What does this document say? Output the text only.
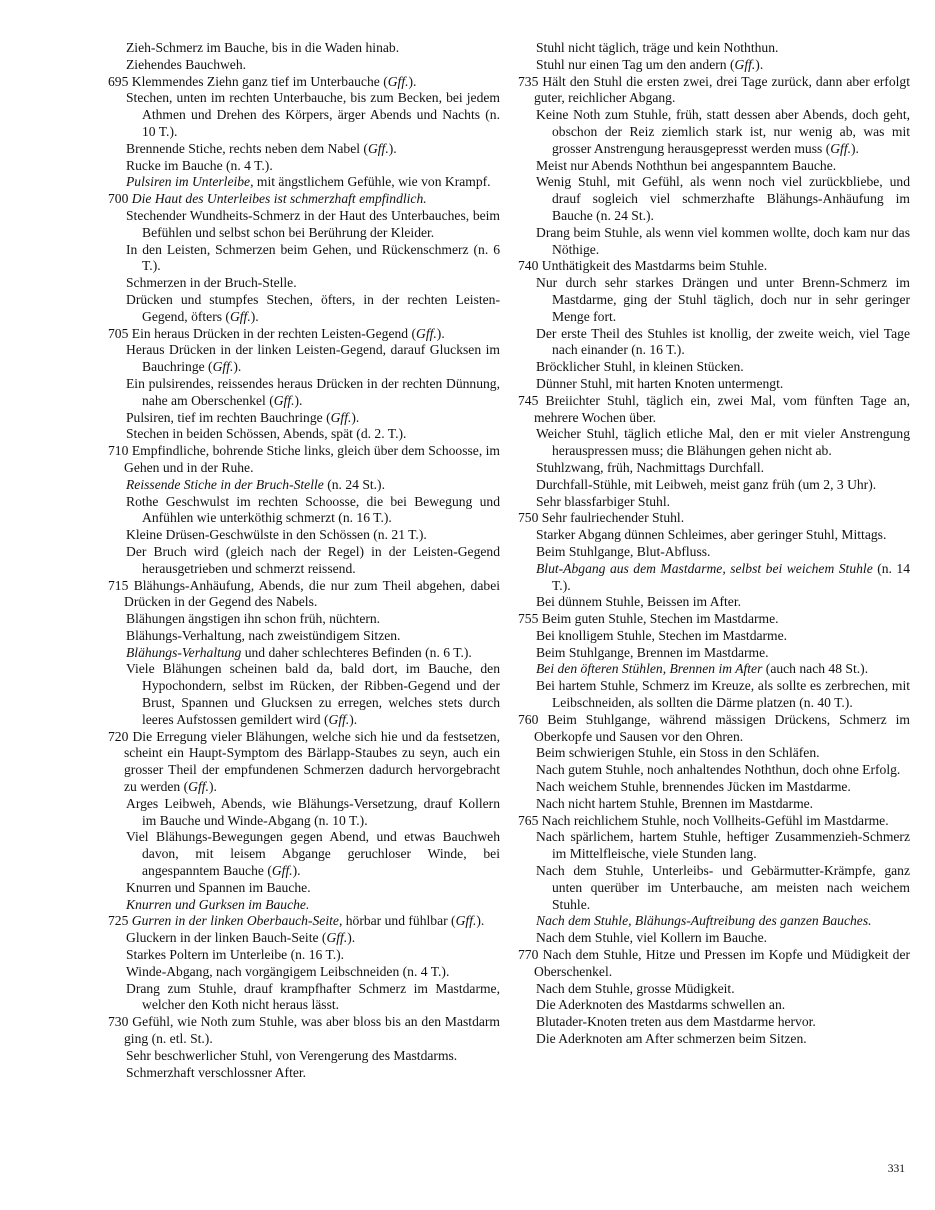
Zieh-Schmerz im Bauche, bis in die Waden hinab.

Ziehendes Bauchweh.

695 Klemmendes Ziehn ganz tief im Unterbauche (Gff.).

Stechen, unten im rechten Unterbauche, bis zum Becken, bei jedem Athmen und Drehen des Körpers, ärger Abends und Nachts (n. 10 T.).

Brennende Stiche, rechts neben dem Nabel (Gff.).

Rucke im Bauche (n. 4 T.).

Pulsiren im Unterleibe, mit ängstlichem Gefühle, wie von Krampf.

700 Die Haut des Unterleibes ist schmerzhaft empfindlich.

Stechender Wundheits-Schmerz in der Haut des Unterbauches, beim Befühlen und selbst schon bei Berührung der Kleider.

In den Leisten, Schmerzen beim Gehen, und Rückenschmerz (n. 6 T.).

Schmerzen in der Bruch-Stelle.

Drücken und stumpfes Stechen, öfters, in der rechten Leisten-Gegend, öfters (Gff.).

705 Ein heraus Drücken in der rechten Leisten-Gegend (Gff.).

Heraus Drücken in der linken Leisten-Gegend, darauf Glucksen im Bauchringe (Gff.).

Ein pulsirendes, reissendes heraus Drücken in der rechten Dünnung, nahe am Oberschenkel (Gff.).

Pulsiren, tief im rechten Bauchringe (Gff.).

Stechen in beiden Schössen, Abends, spät (d. 2. T.).

710 Empfindliche, bohrende Stiche links, gleich über dem Schoosse, im Gehen und in der Ruhe.

Reissende Stiche in der Bruch-Stelle (n. 24 St.).

Rothe Geschwulst im rechten Schoosse, die bei Bewegung und Anfühlen wie unterköthig schmerzt (n. 16 T.).

Kleine Drüsen-Geschwülste in den Schössen (n. 21 T.).

Der Bruch wird (gleich nach der Regel) in der Leisten-Gegend herausgetrieben und schmerzt reissend.

715 Blähungs-Anhäufung, Abends, die nur zum Theil abgehen, dabei Drücken in der Gegend des Nabels.

Blähungen ängstigen ihn schon früh, nüchtern.

Blähungs-Verhaltung, nach zweistündigem Sitzen.

Blähungs-Verhaltung und daher schlechteres Befinden (n. 6 T.).

Viele Blähungen scheinen bald da, bald dort, im Bauche, den Hypochondern, selbst im Rücken, der Ribben-Gegend und der Brust, Spannen und Glucksen zu erregen, welches stets durch leeres Aufstossen gemildert wird (Gff.).

720 Die Erregung vieler Blähungen, welche sich hie und da festsetzen, scheint ein Haupt-Symptom des Bärlapp-Staubes zu seyn, auch ein grosser Theil der empfundenen Schmerzen dadurch hervorgebracht zu werden (Gff.).

Arges Leibweh, Abends, wie Blähungs-Versetzung, drauf Kollern im Bauche und Winde-Abgang (n. 10 T.).

Viel Blähungs-Bewegungen gegen Abend, und etwas Bauchweh davon, mit leisem Abgange geruchloser Winde, bei angespanntem Bauche (Gff.).

Knurren und Spannen im Bauche.

Knurren und Gurksen im Bauche.

725 Gurren in der linken Oberbauch-Seite, hörbar und fühlbar (Gff.).

Gluckern in der linken Bauch-Seite (Gff.).

Starkes Poltern im Unterleibe (n. 16 T.).

Winde-Abgang, nach vorgängigem Leibschneiden (n. 4 T.).

Drang zum Stuhle, drauf krampfhafter Schmerz im Mastdarme, welcher den Koth nicht heraus lässt.

730 Gefühl, wie Noth zum Stuhle, was aber bloss bis an den Mastdarm ging (n. etl. St.).

Sehr beschwerlicher Stuhl, von Verengerung des Mastdarms.

Schmerzhaft verschlossner After.

Stuhl nicht täglich, träge und kein Noththun.

Stuhl nur einen Tag um den andern (Gff.).

735 Hält den Stuhl die ersten zwei, drei Tage zurück, dann aber erfolgt guter, reichlicher Abgang.

Keine Noth zum Stuhle, früh, statt dessen aber Abends, doch geht, obschon der Reiz ziemlich stark ist, nur wenig ab, was mit grosser Anstrengung herausgepresst werden muss (Gff.).

Meist nur Abends Noththun bei angespanntem Bauche.

Wenig Stuhl, mit Gefühl, als wenn noch viel zurückbliebe, und drauf sogleich viel schmerzhafte Blähungs-Anhäufung im Bauche (n. 24 St.).

Drang beim Stuhle, als wenn viel kommen wollte, doch kam nur das Nöthige.

740 Unthätigkeit des Mastdarms beim Stuhle.

Nur durch sehr starkes Drängen und unter Brenn-Schmerz im Mastdarme, ging der Stuhl täglich, doch nur in sehr geringer Menge fort.

Der erste Theil des Stuhles ist knollig, der zweite weich, viel Tage nach einander (n. 16 T.).

Bröcklicher Stuhl, in kleinen Stücken.

Dünner Stuhl, mit harten Knoten untermengt.

745 Breiichter Stuhl, täglich ein, zwei Mal, vom fünften Tage an, mehrere Wochen über.

Weicher Stuhl, täglich etliche Mal, den er mit vieler Anstrengung herauspressen muss; die Blähungen gehen nicht ab.

Stuhlzwang, früh, Nachmittags Durchfall.

Durchfall-Stühle, mit Leibweh, meist ganz früh (um 2, 3 Uhr).

Sehr blassfarbiger Stuhl.

750 Sehr faulriechender Stuhl.

Starker Abgang dünnen Schleimes, aber geringer Stuhl, Mittags.

Beim Stuhlgange, Blut-Abfluss.

Blut-Abgang aus dem Mastdarme, selbst bei weichem Stuhle (n. 14 T.).

Bei dünnem Stuhle, Beissen im After.

755 Beim guten Stuhle, Stechen im Mastdarme.

Bei knolligem Stuhle, Stechen im Mastdarme.

Beim Stuhlgange, Brennen im Mastdarme.

Bei den öfteren Stühlen, Brennen im After (auch nach 48 St.).

Bei hartem Stuhle, Schmerz im Kreuze, als sollte es zerbrechen, mit Leibschneiden, als sollten die Därme platzen (n. 40 T.).

760 Beim Stuhlgange, während mässigen Drückens, Schmerz im Oberkopfe und Sausen vor den Ohren.

Beim schwierigen Stuhle, ein Stoss in den Schläfen.

Nach gutem Stuhle, noch anhaltendes Noththun, doch ohne Erfolg.

Nach weichem Stuhle, brennendes Jücken im Mastdarme.

Nach nicht hartem Stuhle, Brennen im Mastdarme.

765 Nach reichlichem Stuhle, noch Vollheits-Gefühl im Mastdarme.

Nach spärlichem, hartem Stuhle, heftiger Zusammenzieh-Schmerz im Mittelfleische, viele Stunden lang.

Nach dem Stuhle, Unterleibs- und Gebärmutter-Krämpfe, ganz unten querüber im Unterbauche, am meisten nach weichem Stuhle.

Nach dem Stuhle, Blähungs-Auftreibung des ganzen Bauches.

Nach dem Stuhle, viel Kollern im Bauche.

770 Nach dem Stuhle, Hitze und Pressen im Kopfe und Müdigkeit der Oberschenkel.

Nach dem Stuhle, grosse Müdigkeit.

Die Aderknoten des Mastdarms schwellen an.

Blutader-Knoten treten aus dem Mastdarme hervor.

Die Aderknoten am After schmerzen beim Sitzen.

331
